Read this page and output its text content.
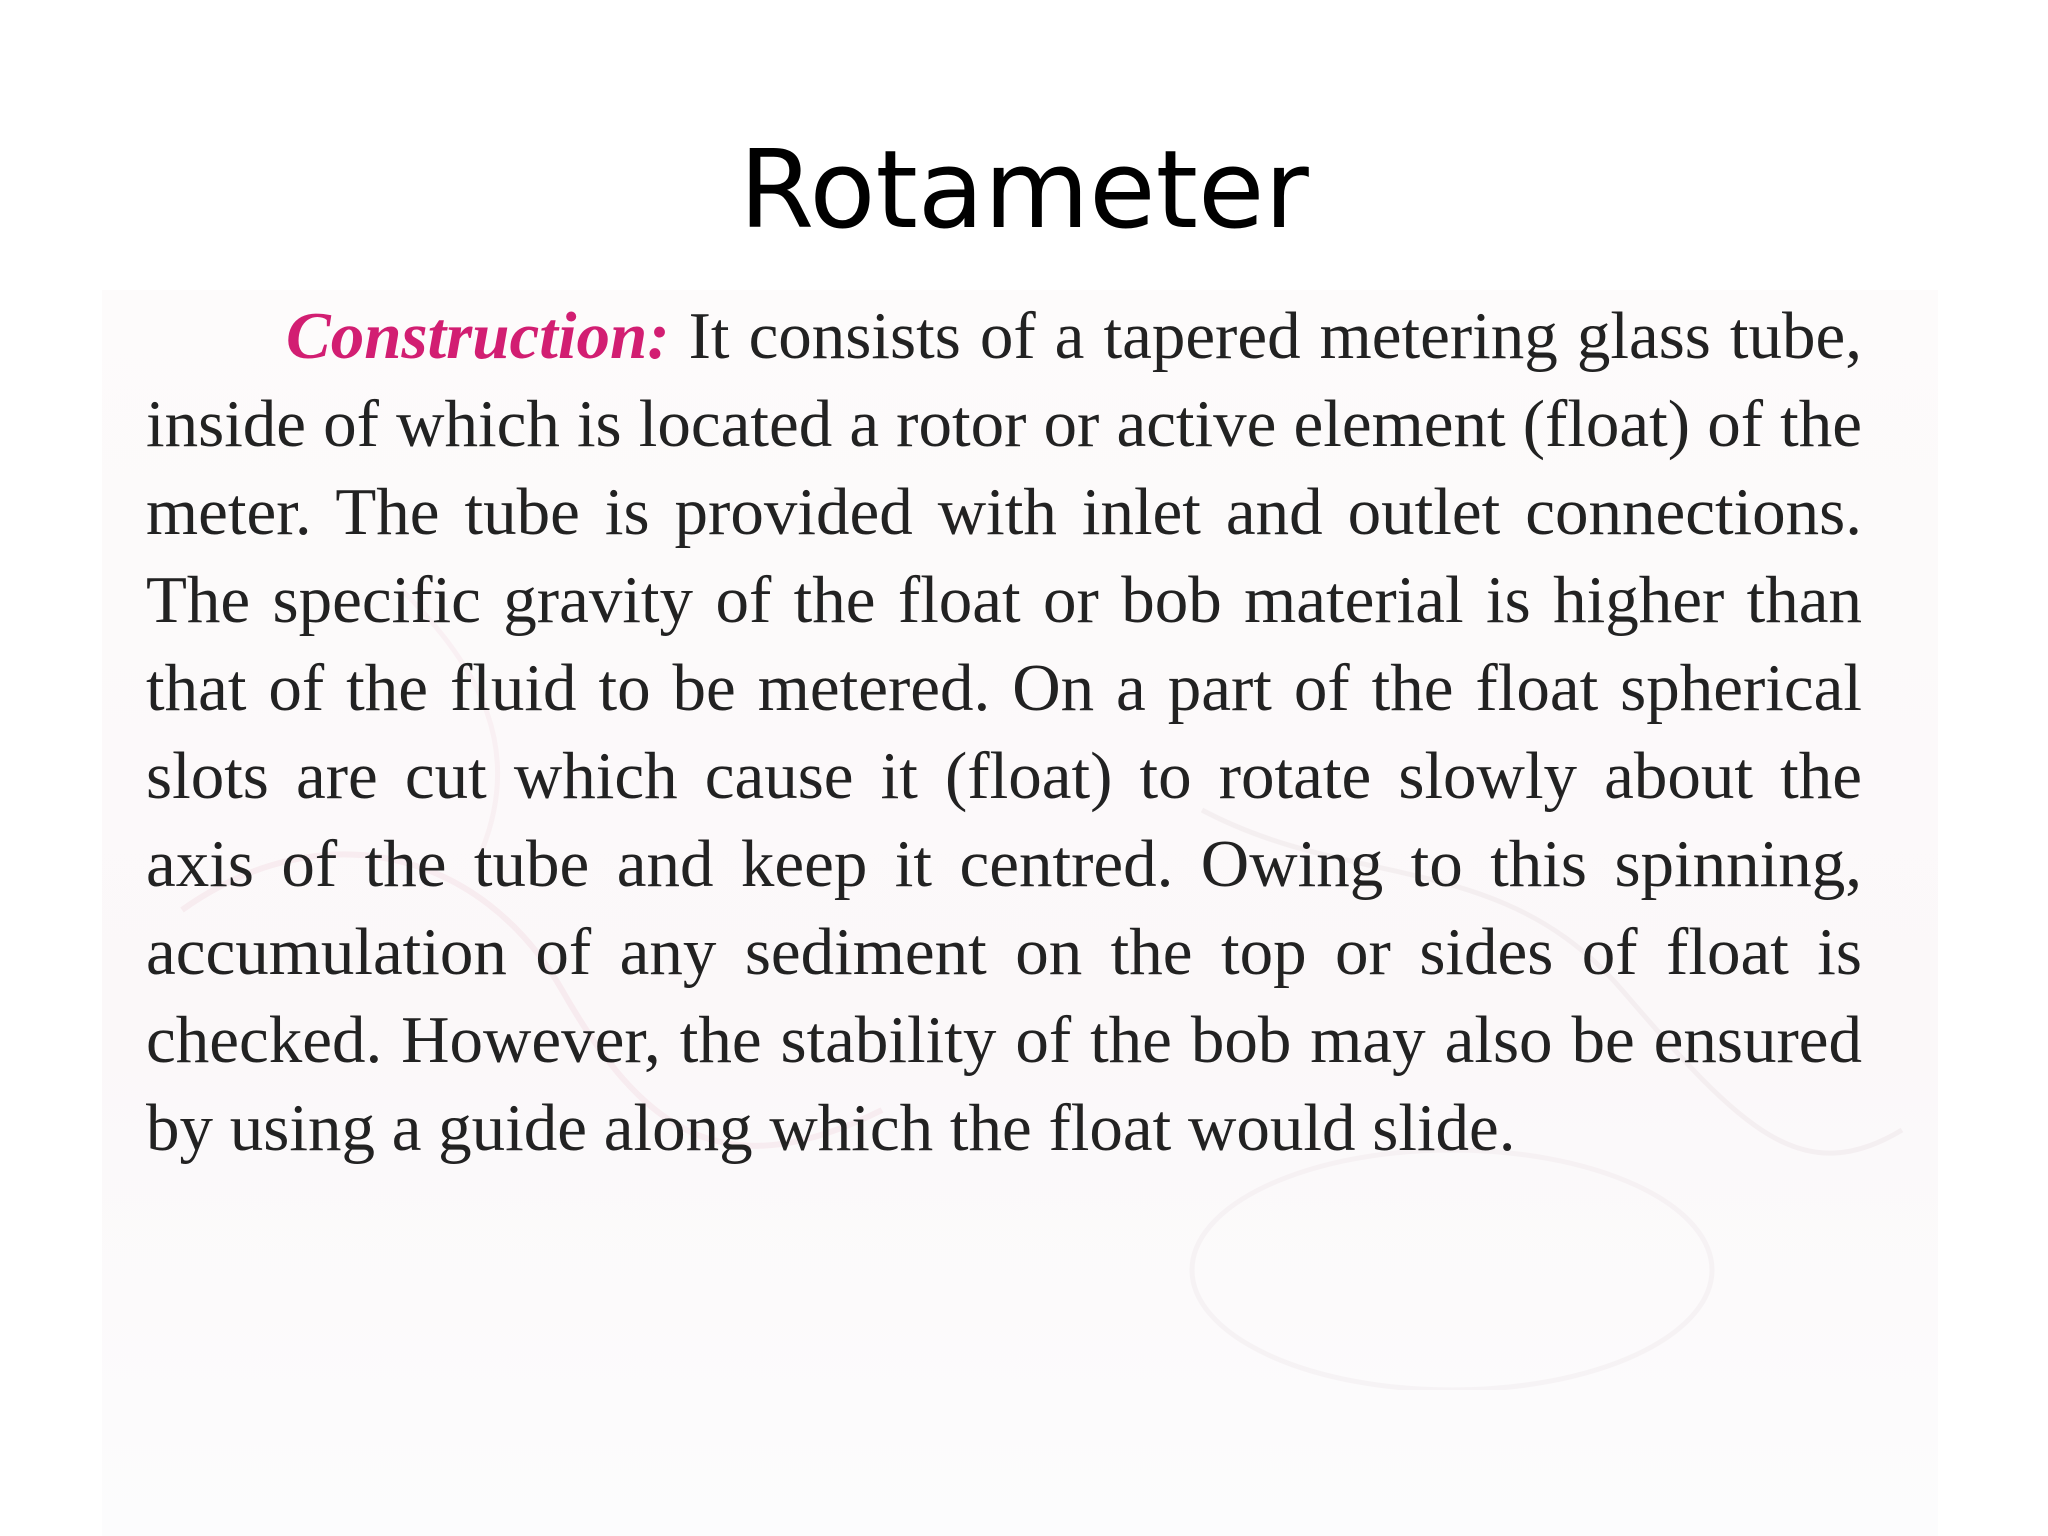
Rotameter

Construction: It consists of a tapered metering glass tube, inside of which is located a rotor or active element (float) of the meter. The tube is provided with inlet and outlet connections. The specific gravity of the float or bob material is higher than that of the fluid to be metered. On a part of the float spherical slots are cut which cause it (float) to rotate slowly about the axis of the tube and keep it centred. Owing to this spinning, accumulation of any sediment on the top or sides of float is checked. However, the stability of the bob may also be ensured by using a guide along which the float would slide.
